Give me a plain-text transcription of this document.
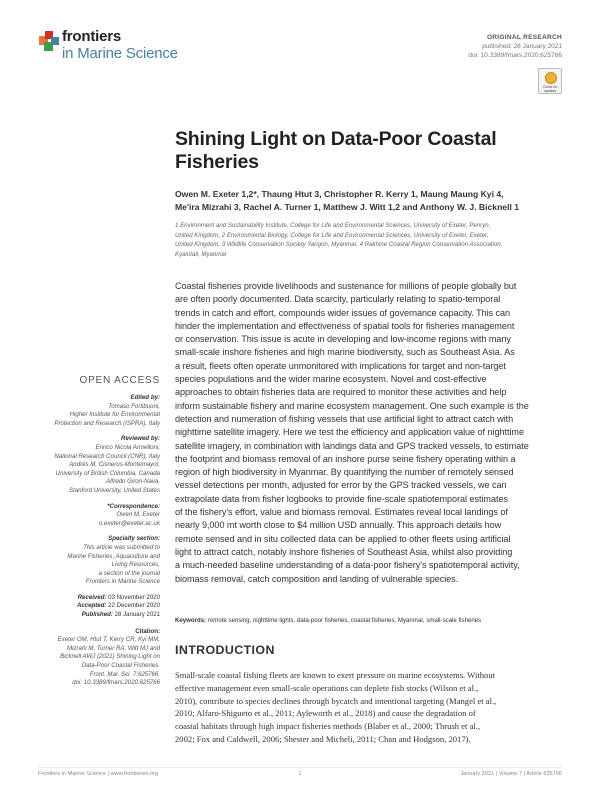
frontiers
in Marine Science
ORIGINAL RESEARCH
published: 28 January 2021
doi: 10.3389/fmars.2020.625766
Check for updates
Shining Light on Data-Poor Coastal Fisheries
Owen M. Exeter 1,2*, Thaung Htut 3, Christopher R. Kerry 1, Maung Maung Kyi 4,
Me'ira Mizrahi 3, Rachel A. Turner 1, Matthew J. Witt 1,2 and Anthony W. J. Bicknell 1
1 Environment and Sustainability Institute, College for Life and Environmental Sciences, University of Exeter, Penryn,
United Kingdom, 2 Environmental Biology, College for Life and Environmental Sciences, University of Exeter, Exeter,
United Kingdom, 3 Wildlife Conservation Society Yangon, Myanmar, 4 Rakhine Coastal Region Conservation Association,
Kyaintali, Myanmar
Coastal fisheries provide livelihoods and sustenance for millions of people globally but
are often poorly documented. Data scarcity, particularly relating to spatio-temporal
trends in catch and effort, compounds wider issues of governance capacity. This can
hinder the implementation and effectiveness of spatial tools for fisheries management
or conservation. This issue is acute in developing and low-income regions with many
small-scale inshore fisheries and high marine biodiversity, such as Southeast Asia. As
a result, fleets often operate unmonitored with implications for target and non-target
species populations and the wider marine ecosystem. Novel and cost-effective
approaches to obtain fisheries data are required to monitor these activities and help
inform sustainable fishery and marine ecosystem management. One such example is the
detection and numeration of fishing vessels that use artificial light to attract catch with
nighttime satellite imagery. Here we test the efficiency and application value of nighttime
satellite imagery, in combination with landings data and GPS tracked vessels, to estimate
the footprint and biomass removal of an inshore purse seine fishery operating within a
region of high biodiversity in Myanmar. By quantifying the number of remotely sensed
vessel detections per month, adjusted for error by the GPS tracked vessels, we can
extrapolate data from fisher logbooks to provide fine-scale spatiotemporal estimates
of the fishery's effort, value and biomass removal. Estimates reveal local landings of
nearly 9,000 mt worth close to $4 million USD annually. This approach details how
remote sensed and in situ collected data can be applied to other fleets using artificial
light to attract catch, notably inshore fisheries of Southeast Asia, whilst also providing
a much-needed baseline understanding of a data-poor fishery's spatiotemporal activity,
biomass removal, catch composition and landing of vulnerable species.
Keywords: remote sensing, nighttime lights, data-poor fisheries, coastal fisheries, Myanmar, small-scale fisheries
OPEN ACCESS
Edited by:
Tomaso Fortibuoni,
Higher Institute for Environmental
Protection and Research (ISPRA), Italy
Reviewed by:
Enrico Nicola Armelloni,
National Research Council (CNR), Italy
Andrés M. Cisneros-Montemayor,
University of British Columbia, Canada
Alfredo Giron-Nava,
Stanford University, United States
*Correspondence:
Owen M. Exeter
o.exeter@exeter.ac.uk
Specialty section:
This article was submitted to
Marine Fisheries, Aquaculture and
Living Resources,
a section of the journal
Frontiers in Marine Science
Received: 03 November 2020
Accepted: 22 December 2020
Published: 28 January 2021
Citation:
Exeter OM, Htut T, Kerry CR, Kyi MM,
Mizrahi M, Turner RA, Witt MJ and
Bicknell AWJ (2021) Shining Light on
Data-Poor Coastal Fisheries.
Front. Mar. Sci. 7:625766.
doi: 10.3389/fmars.2020.625766
INTRODUCTION
Small-scale coastal fishing fleets are known to exert pressure on marine ecosystems. Without
effective management even small-scale operations can deplete fish stocks (Wilson et al.,
2010), contribute to species declines through bycatch and intentional targeting (Mangel et al.,
2010; Alfaro-Shigueto et al., 2011; Ayleworth et al., 2018) and cause the degradation of
coastal habitats through high impact fisheries methods (Blaber et al., 2000; Thrush et al.,
2002; Fox and Caldwell, 2006; Shester and Micheli, 2011; Chan and Hodgson, 2017).
Frontiers in Marine Science | www.frontiersin.org	1	January 2021 | Volume 7 | Article 625766
